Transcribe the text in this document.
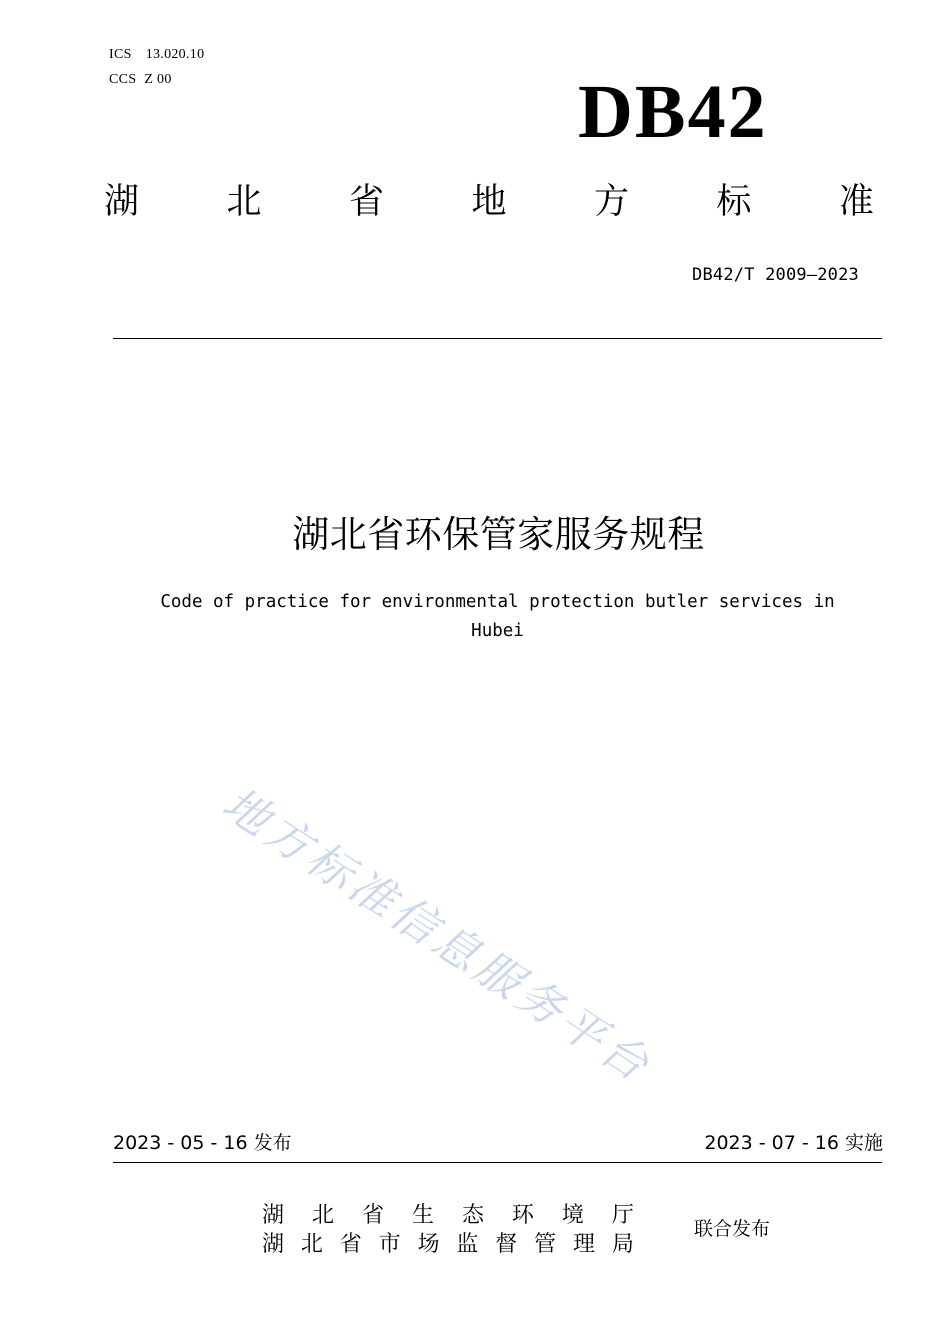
ICS 13.020.10
CCS Z 00	DB42
湖 北 省 地 方 标 准
DB42/T 2009—2023
湖北省环保管家服务规程
Code of practice for environmental protection butler services in Hubei
地方标准信息服务平台
2023 - 05 - 16 发布	2023 - 07 - 16 实施
湖 北 省 生 态 环 境 厅
湖 北 省 市 场 监 督 管 理 局
联合发布
